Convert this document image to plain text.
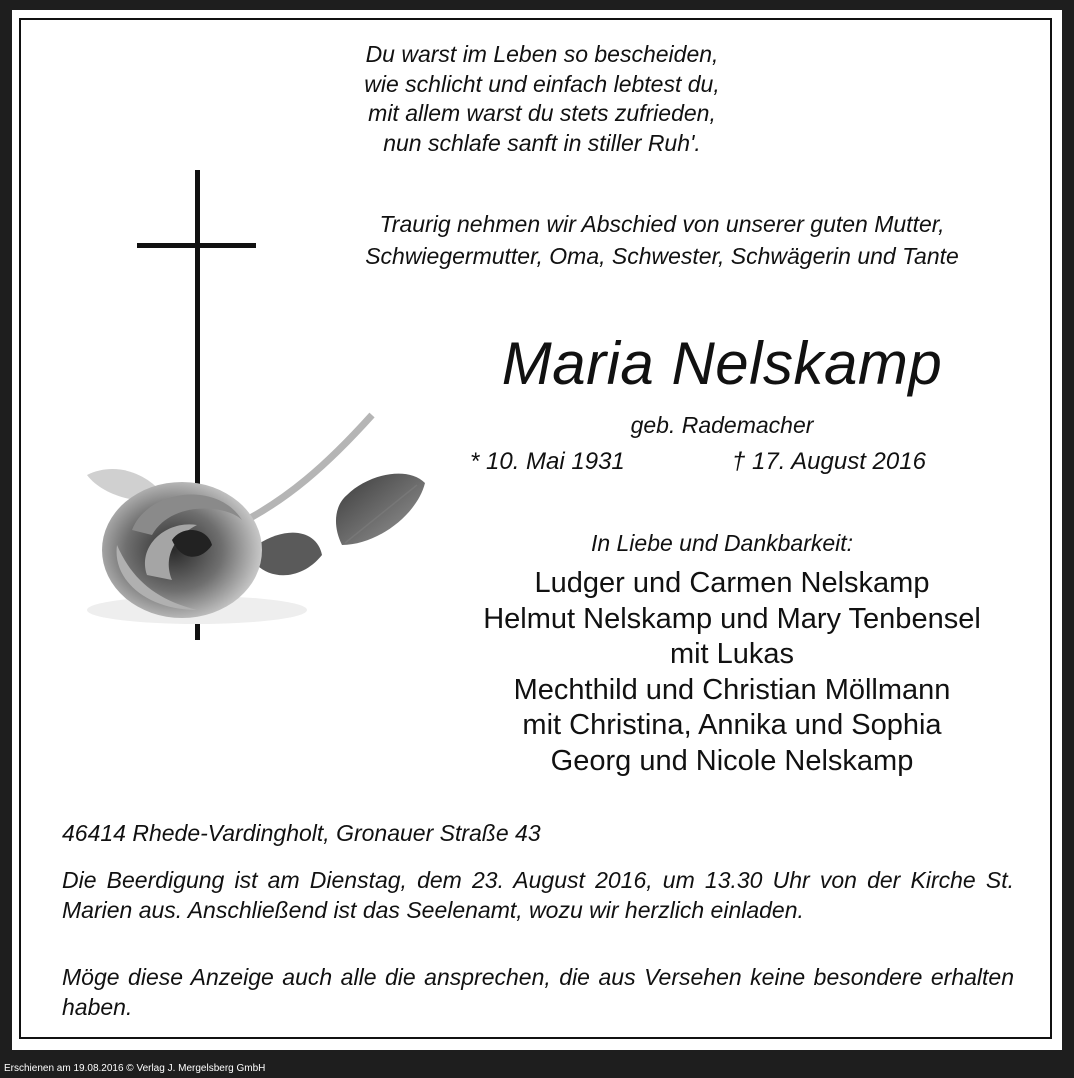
Du warst im Leben so bescheiden,
wie schlicht und einfach lebtest du,
mit allem warst du stets zufrieden,
nun schlafe sanft in stiller Ruh'.
Traurig nehmen wir Abschied von unserer guten Mutter,
Schwiegermutter, Oma, Schwester, Schwägerin und Tante
Maria Nelskamp
geb. Rademacher
* 10. Mai 1931	† 17. August 2016
In Liebe und Dankbarkeit:
Ludger und Carmen Nelskamp
Helmut Nelskamp und Mary Tenbensel
mit Lukas
Mechthild und Christian Möllmann
mit Christina, Annika und Sophia
Georg und Nicole Nelskamp
46414 Rhede-Vardingholt, Gronauer Straße 43
Die Beerdigung ist am Dienstag, dem 23. August 2016, um 13.30 Uhr von der Kirche St. Marien aus. Anschließend ist das Seelenamt, wozu wir herzlich einladen.
Möge diese Anzeige auch alle die ansprechen, die aus Versehen keine besondere erhalten haben.
Erschienen am 19.08.2016 © Verlag J. Mergelsberg GmbH
